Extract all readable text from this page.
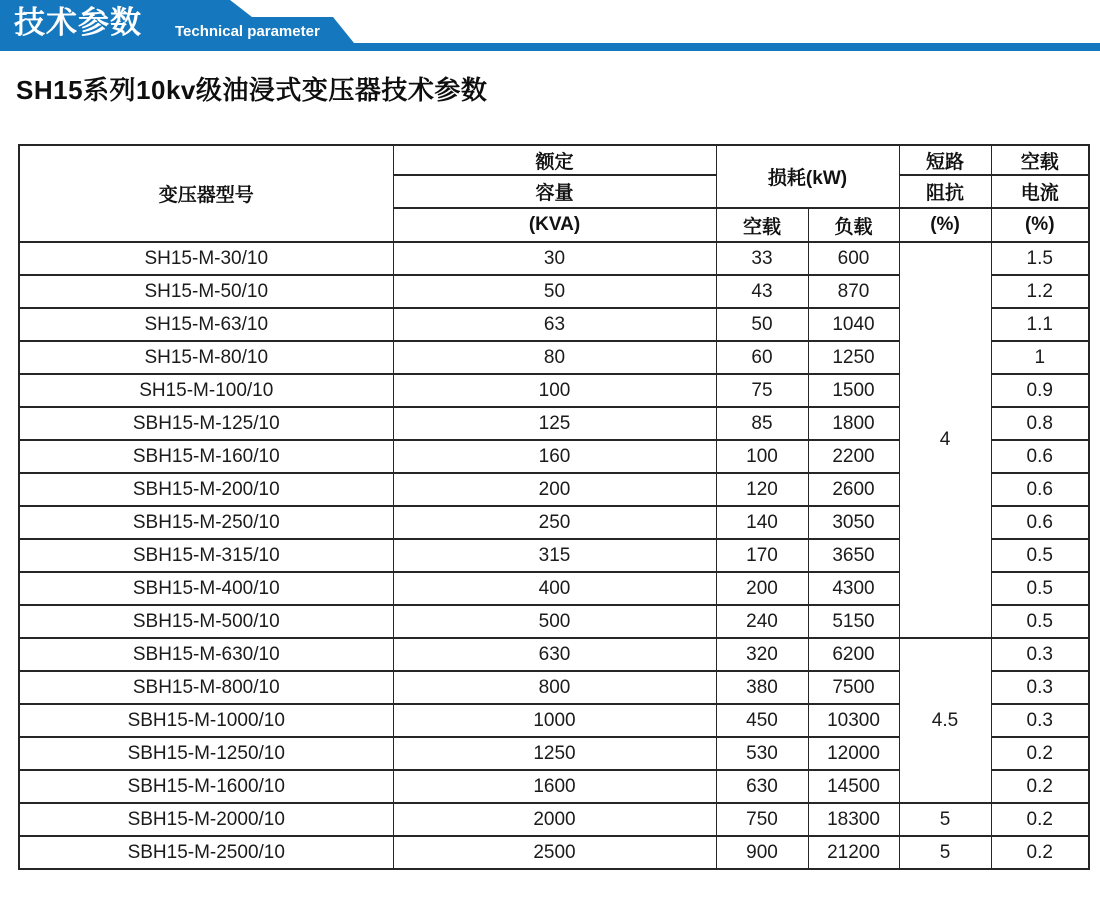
技术参数 Technical parameter
SH15系列10kv级油浸式变压器技术参数
变压器型号	额定	损耗(kW)		短路	空载
	容量			阻抗	电流
	(KVA)	空载	负载	(%)	(%)
SH15-M-30/10	30	33	600	4	1.5
SH15-M-50/10	50	43	870		1.2
SH15-M-63/10	63	50	1040		1.1
SH15-M-80/10	80	60	1250		1
SH15-M-100/10	100	75	1500		0.9
SBH15-M-125/10	125	85	1800		0.8
SBH15-M-160/10	160	100	2200		0.6
SBH15-M-200/10	200	120	2600		0.6
SBH15-M-250/10	250	140	3050		0.6
SBH15-M-315/10	315	170	3650		0.5
SBH15-M-400/10	400	200	4300		0.5
SBH15-M-500/10	500	240	5150		0.5
SBH15-M-630/10	630	320	6200	4.5	0.3
SBH15-M-800/10	800	380	7500		0.3
SBH15-M-1000/10	1000	450	10300		0.3
SBH15-M-1250/10	1250	530	12000		0.2
SBH15-M-1600/10	1600	630	14500		0.2
SBH15-M-2000/10	2000	750	18300	5	0.2
SBH15-M-2500/10	2500	900	21200	5	0.2
